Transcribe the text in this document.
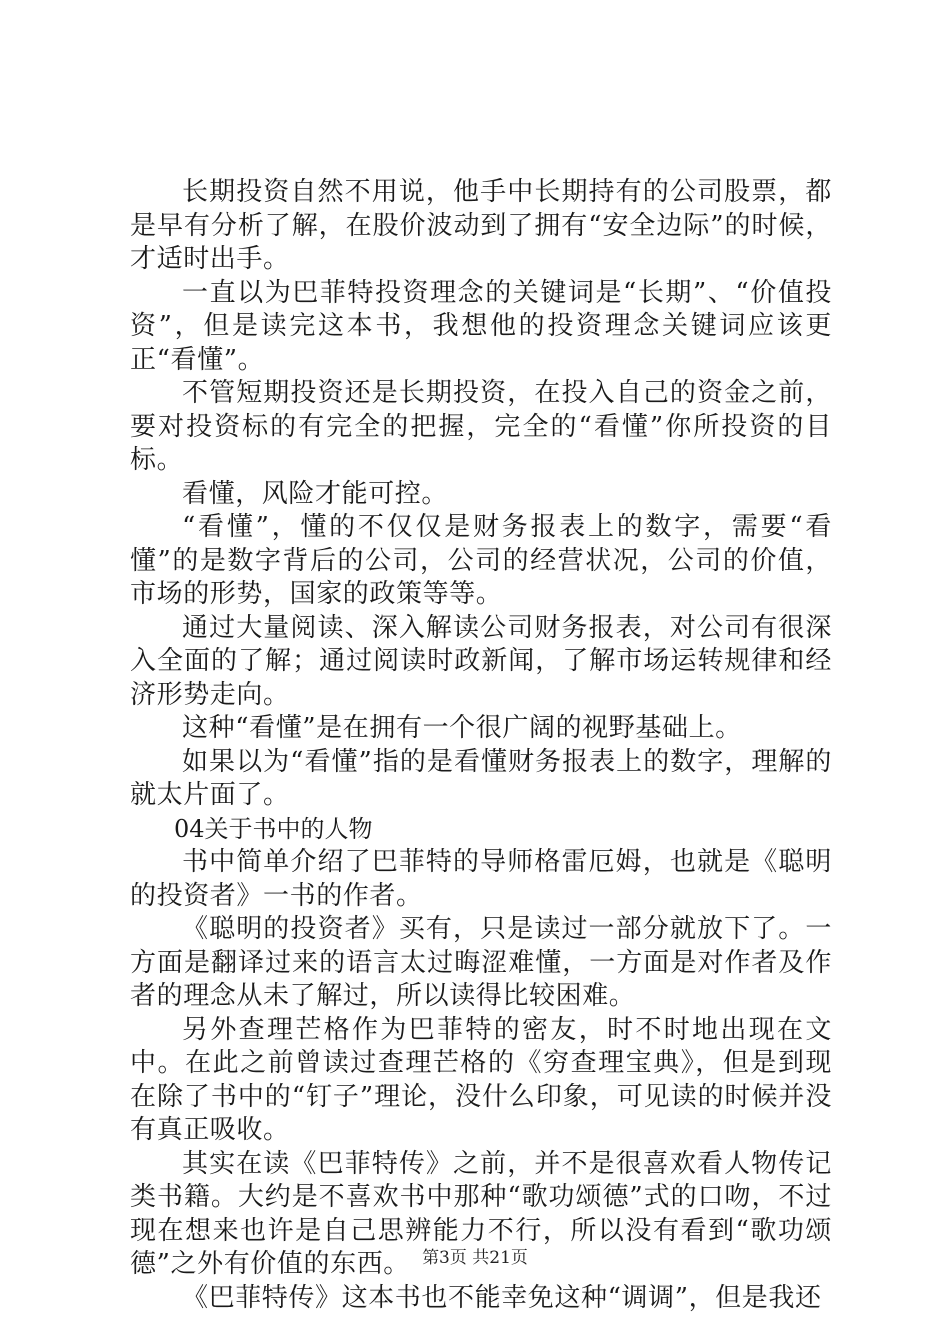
长期投资自然不用说，他手中长期持有的公司股票，都是早有分析了解，在股价波动到了拥有“安全边际”的时候，才适时出手。

一直以为巴菲特投资理念的关键词是“长期”、“价值投资”，但是读完这本书，我想他的投资理念关键词应该更正“看懂”。

不管短期投资还是长期投资，在投入自己的资金之前，要对投资标的有完全的把握，完全的“看懂”你所投资的目标。

看懂，风险才能可控。

“看懂”，懂的不仅仅是财务报表上的数字，需要“看懂”的是数字背后的公司，公司的经营状况，公司的价值，市场的形势，国家的政策等等。

通过大量阅读、深入解读公司财务报表，对公司有很深入全面的了解；通过阅读时政新闻，了解市场运转规律和经济形势走向。

这种“看懂”是在拥有一个很广阔的视野基础上。

如果以为“看懂”指的是看懂财务报表上的数字，理解的就太片面了。

04关于书中的人物

书中简单介绍了巴菲特的导师格雷厄姆，也就是《聪明的投资者》一书的作者。

《聪明的投资者》买有，只是读过一部分就放下了。一方面是翻译过来的语言太过晦涩难懂，一方面是对作者及作者的理念从未了解过，所以读得比较困难。

另外查理芒格作为巴菲特的密友，时不时地出现在文中。在此之前曾读过查理芒格的《穷查理宝典》，但是到现在除了书中的“钉子”理论，没什么印象，可见读的时候并没有真正吸收。

其实在读《巴菲特传》之前，并不是很喜欢看人物传记类书籍。大约是不喜欢书中那种“歌功颂德”式的口吻，不过现在想来也许是自己思辨能力不行，所以没有看到“歌功颂德”之外有价值的东西。

《巴菲特传》这本书也不能幸免这种“调调”，但是我还

第3页 共21页
